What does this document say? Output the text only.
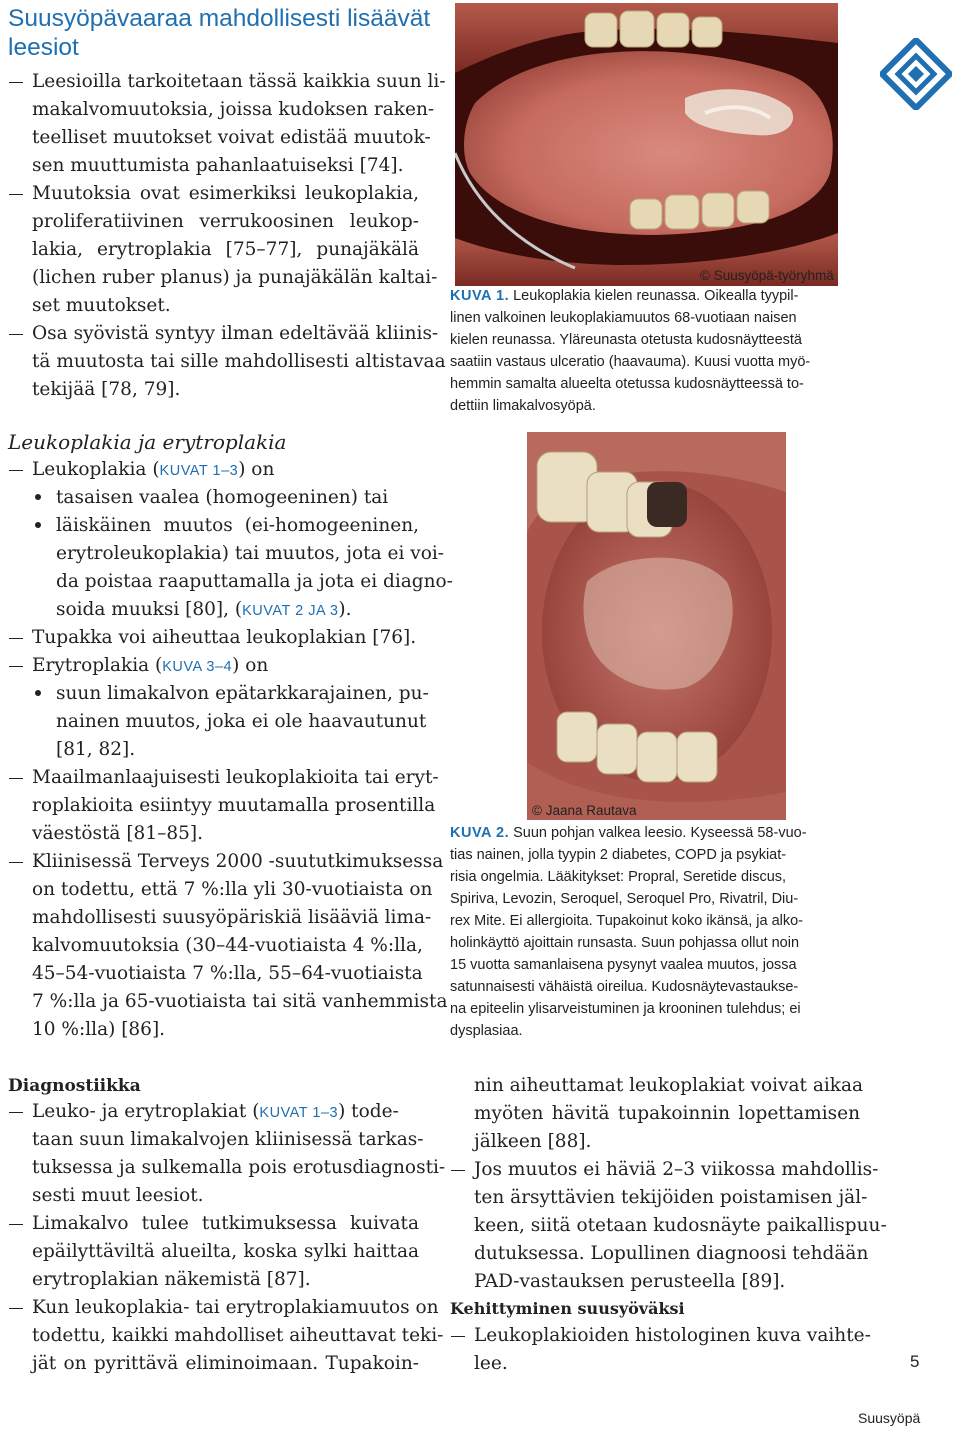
Suusyöpävaaraa mahdollisesti lisäävät
leesiot
Leesioilla tarkoitetaan tässä kaikkia suun li-
makalvomuutoksia, joissa kudoksen raken-
teelliset muutokset voivat edistää muutok-
sen muuttumista pahanlaatuiseksi [74].
Muutoksia ovat esimerkiksi leukoplakia,
proliferatiivinen verrukoosinen leukop-
lakia, erytroplakia [75–77], punajäkälä
(lichen ruber planus) ja punajäkälän kaltai-
set muutokset.
Osa syövistä syntyy ilman edeltävää kliinis-
tä muutosta tai sille mahdollisesti altistavaa
tekijää [78, 79].
Leukoplakia ja erytroplakia
Leukoplakia (KUVAT 1–3) on
tasaisen vaalea (homogeeninen) tai
läiskäinen muutos (ei-homogeeninen,
erytroleukoplakia) tai muutos, jota ei voi-
da poistaa raaputtamalla ja jota ei diagno-
soida muuksi [80], (KUVAT 2 JA 3).
Tupakka voi aiheuttaa leukoplakian [76].
Erytroplakia (KUVA 3–4) on
suun limakalvon epätarkkarajainen, pu-
nainen muutos, joka ei ole haavautunut
[81, 82].
Maailmanlaajuisesti leukoplakioita tai eryt-
roplakioita esiintyy muutamalla prosentilla
väestöstä [81–85].
Kliinisessä Terveys 2000 -suututkimuksessa
on todettu, että 7 %:lla yli 30-vuotiaista on
mahdollisesti suusyöpäriskiä lisääviä lima-
kalvomuutoksia (30–44-vuotiaista 4 %:lla,
45–54-vuotiaista 7 %:lla, 55–64-vuotiaista
7 %:lla ja 65-vuotiaista tai sitä vanhemmista
10 %:lla) [86].
Diagnostiikka
Leuko- ja erytroplakiat (KUVAT 1–3) tode-
taan suun limakalvojen kliinisessä tarkas-
tuksessa ja sulkemalla pois erotusdiagnosti-
sesti muut leesiot.
Limakalvo tulee tutkimuksessa kuivata
epäilyttäviltä alueilta, koska sylki haittaa
erytroplakian näkemistä [87].
Kun leukoplakia- tai erytroplakiamuutos on
todettu, kaikki mahdolliset aiheuttavat teki-
jät on pyrittävä eliminoimaan. Tupakoin-
nin aiheuttamat leukoplakiat voivat aikaa
myöten hävitä tupakoinnin lopettamisen
jälkeen [88].
Jos muutos ei häviä 2–3 viikossa mahdollis-
ten ärsyttävien tekijöiden poistamisen jäl-
keen, siitä otetaan kudosnäyte paikallispuu-
dutuksessa. Lopullinen diagnoosi tehdään
PAD-vastauksen perusteella [89].
Kehittyminen suusyöväksi
Leukoplakioiden histologinen kuva vaihte-
lee.
© Suusyöpä-työryhmä
KUVA 1. Leukoplakia kielen reunassa. Oikealla tyypil-
linen valkoinen leukoplakiamuutos 68-vuotiaan naisen
kielen reunassa. Yläreunasta otetusta kudosnäytteestä
saatiin vastaus ulceratio (haavauma). Kuusi vuotta myö-
hemmin samalta alueelta otetussa kudosnäytteessä to-
dettiin limakalvosyöpä.
© Jaana Rautava
KUVA 2. Suun pohjan valkea leesio. Kyseessä 58-vuo-
tias nainen, jolla tyypin 2 diabetes, COPD ja psykiat-
risia ongelmia. Lääkitykset: Propral, Seretide discus,
Spiriva, Levozin, Seroquel, Seroquel Pro, Rivatril, Diu-
rex Mite. Ei allergioita. Tupakoinut koko ikänsä, ja alko-
holinkäyttö ajoittain runsasta. Suun pohjassa ollut noin
15 vuotta samanlaisena pysynyt vaalea muutos, jossa
satunnaisesti vähäistä oireilua. Kudosnäytevastaukse-
na epiteelin ylisarveistuminen ja krooninen tulehdus; ei
dysplasiaa.
5
Suusyöpä
